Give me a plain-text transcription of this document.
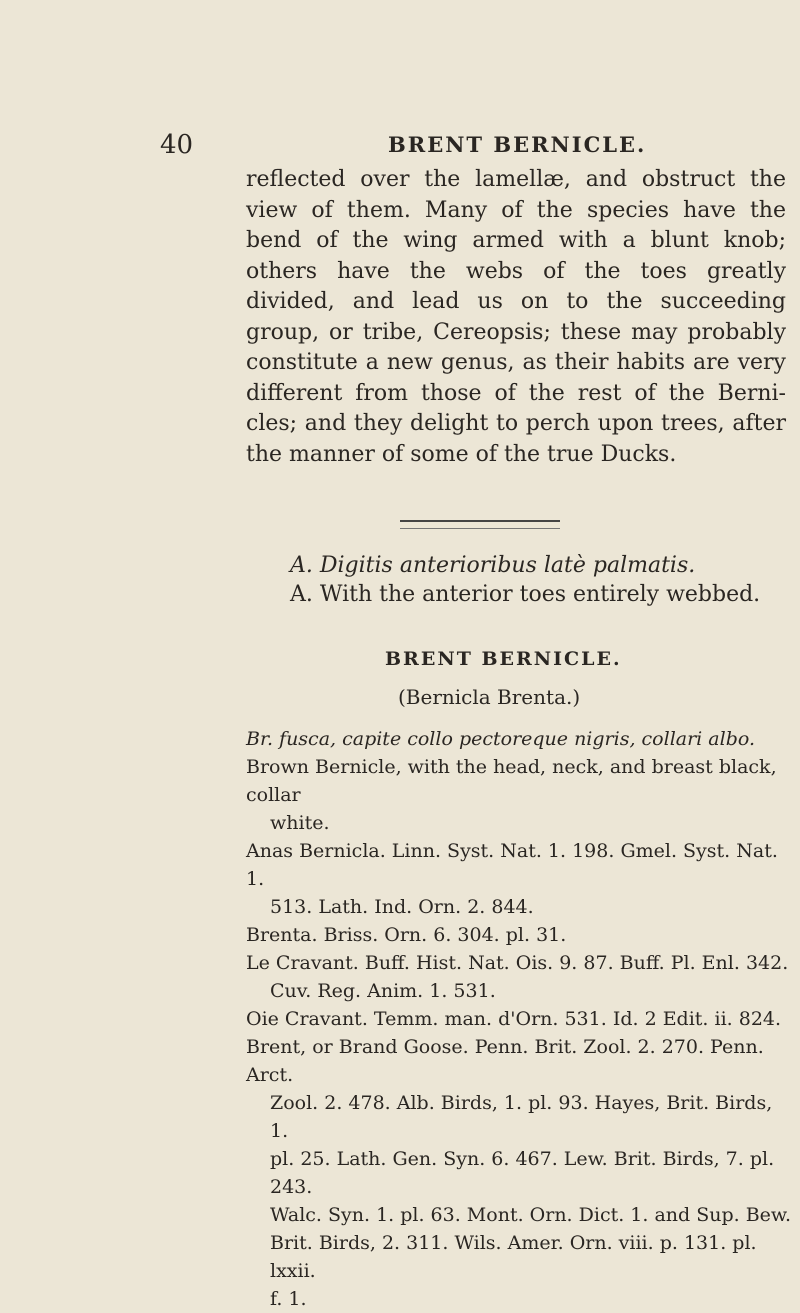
40	BRENT BERNICLE.

reflected over the lamellæ, and obstruct the view of them. Many of the species have the bend of the wing armed with a blunt knob; others have the webs of the toes greatly divided, and lead us on to the succeeding group, or tribe, Cereopsis; these may probably constitute a new genus, as their habits are very different from those of the rest of the Berni-cles; and they delight to perch upon trees, after the manner of some of the true Ducks.

A. Digitis anterioribus latè palmatis.
A. With the anterior toes entirely webbed.
BRENT BERNICLE.
(Bernicla Brenta.)

Br. fusca, capite collo pectoreque nigris, collari albo.

Brown Bernicle, with the head, neck, and breast black, collar

white.

Anas Bernicla. Linn. Syst. Nat. 1. 198. Gmel. Syst. Nat. 1.

513. Lath. Ind. Orn. 2. 844.

Brenta. Briss. Orn. 6. 304. pl. 31.

Le Cravant. Buff. Hist. Nat. Ois. 9. 87. Buff. Pl. Enl. 342.

Cuv. Reg. Anim. 1. 531.

Oie Cravant. Temm. man. d'Orn. 531. Id. 2 Edit. ii. 824.

Brent, or Brand Goose. Penn. Brit. Zool. 2. 270. Penn. Arct.

Zool. 2. 478. Alb. Birds, 1. pl. 93. Hayes, Brit. Birds, 1.

pl. 25. Lath. Gen. Syn. 6. 467. Lew. Brit. Birds, 7. pl. 243.

Walc. Syn. 1. pl. 63. Mont. Orn. Dict. 1. and Sup. Bew.

Brit. Birds, 2. 311. Wils. Amer. Orn. viii. p. 131. pl. lxxii.

f. 1.
